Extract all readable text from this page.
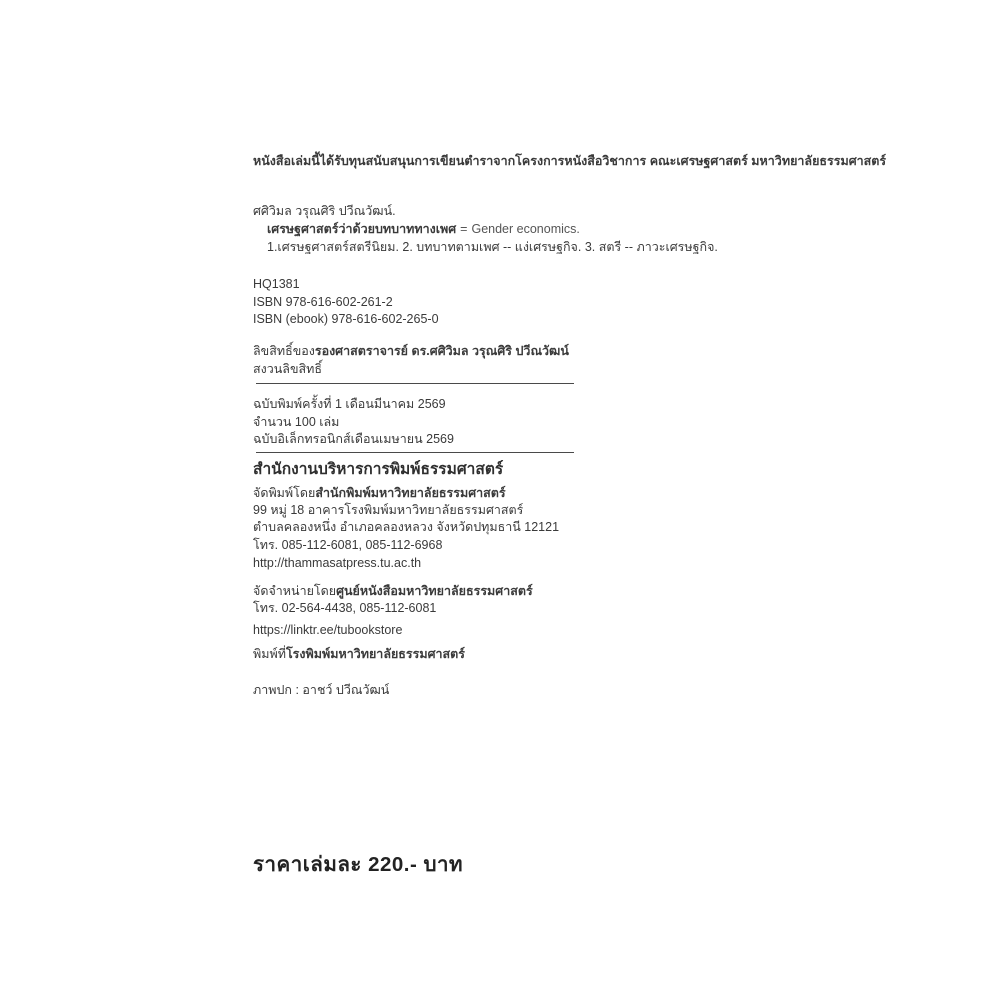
หนังสือเล่มนี้ได้รับทุนสนับสนุนการเขียนตำราจากโครงการหนังสือวิชาการ คณะเศรษฐศาสตร์ มหาวิทยาลัยธรรมศาสตร์
ศศิวิมล วรุณศิริ ปวีณวัฒน์.
เศรษฐศาสตร์ว่าด้วยบทบาททางเพศ = Gender economics.
1.เศรษฐศาสตร์สตรีนิยม. 2. บทบาทตามเพศ -- แง่เศรษฐกิจ. 3. สตรี -- ภาวะเศรษฐกิจ.
HQ1381
ISBN 978-616-602-261-2
ISBN (ebook) 978-616-602-265-0
ลิขสิทธิ์ของรองศาสตราจารย์ ดร.ศศิวิมล วรุณศิริ ปวีณวัฒน์
สงวนลิขสิทธิ์
ฉบับพิมพ์ครั้งที่ 1 เดือนมีนาคม 2569
จำนวน 100 เล่ม
ฉบับอิเล็กทรอนิกส์เดือนเมษายน 2569
สำนักงานบริหารการพิมพ์ธรรมศาสตร์
จัดพิมพ์โดยสำนักพิมพ์มหาวิทยาลัยธรรมศาสตร์
99 หมู่ 18 อาคารโรงพิมพ์มหาวิทยาลัยธรรมศาสตร์
ตำบลคลองหนึ่ง อำเภอคลองหลวง จังหวัดปทุมธานี 12121
โทร. 085-112-6081, 085-112-6968
http://thammasatpress.tu.ac.th
จัดจำหน่ายโดยศูนย์หนังสือมหาวิทยาลัยธรรมศาสตร์
โทร. 02-564-4438, 085-112-6081
https://linktr.ee/tubookstore
พิมพ์ที่โรงพิมพ์มหาวิทยาลัยธรรมศาสตร์
ภาพปก : อาชว์ ปวีณวัฒน์
ราคาเล่มละ 220.- บาท
